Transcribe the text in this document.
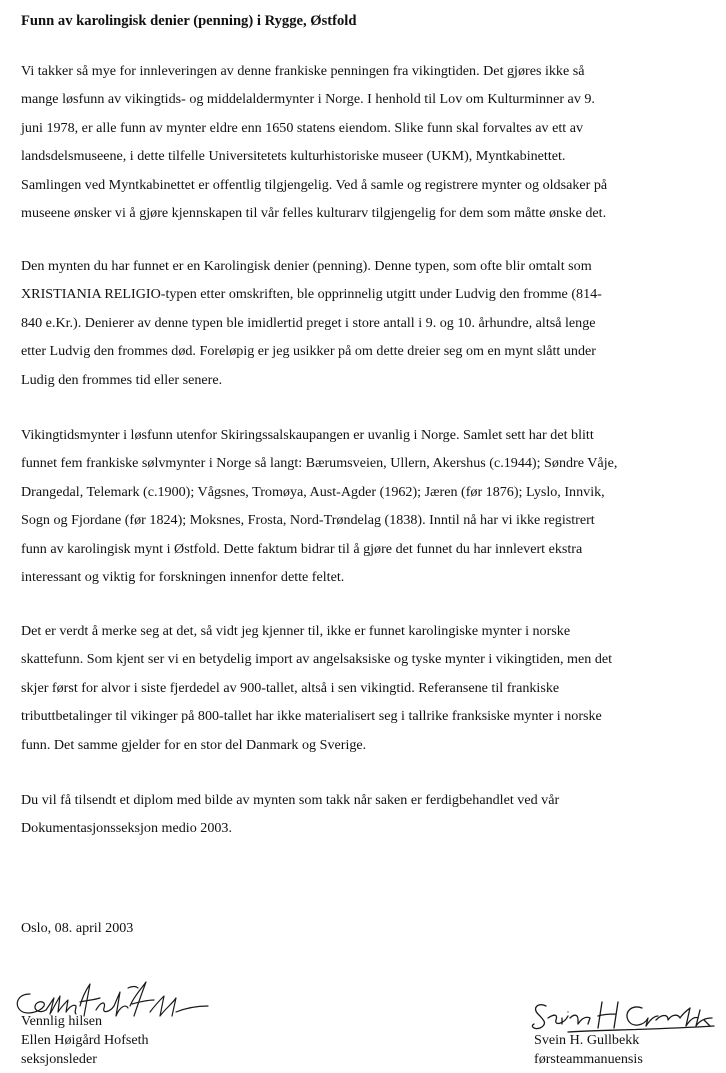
Funn av karolingisk denier (penning) i Rygge, Østfold

Vi takker så mye for innleveringen av denne frankiske penningen fra vikingtiden. Det gjøres ikke så
mange løsfunn av vikingtids- og middelaldermynter i Norge. I henhold til Lov om Kulturminner av 9.
juni 1978, er alle funn av mynter eldre enn 1650 statens eiendom. Slike funn skal forvaltes av ett av
landsdelsmuseene, i dette tilfelle Universitetets kulturhistoriske museer (UKM), Myntkabinettet.
Samlingen ved Myntkabinettet er offentlig tilgjengelig. Ved å samle og registrere mynter og oldsaker på
museene ønsker vi å gjøre kjennskapen til vår felles kulturarv tilgjengelig for dem som måtte ønske det.

Den mynten du har funnet er en Karolingisk denier (penning). Denne typen, som ofte blir omtalt som
XRISTIANIA RELIGIO-typen etter omskriften, ble opprinnelig utgitt under Ludvig den fromme (814-
840 e.Kr.). Denierer av denne typen ble imidlertid preget i store antall i 9. og 10. århundre, altså lenge
etter Ludvig den frommes død. Foreløpig er jeg usikker på om dette dreier seg om en mynt slått under
Ludig den frommes tid eller senere.

Vikingtidsmynter i løsfunn utenfor Skiringssalskaupangen er uvanlig i Norge. Samlet sett har det blitt
funnet fem frankiske sølvmynter i Norge så langt: Bærumsveien, Ullern, Akershus (c.1944); Søndre Våje,
Drangedal, Telemark (c.1900); Vågsnes, Tromøya, Aust-Agder (1962); Jæren (før 1876); Lyslo, Innvik,
Sogn og Fjordane (før 1824); Moksnes, Frosta, Nord-Trøndelag (1838). Inntil nå har vi ikke registrert
funn av karolingisk mynt i Østfold. Dette faktum bidrar til å gjøre det funnet du har innlevert ekstra
interessant og viktig for forskningen innenfor dette feltet.

Det er verdt å merke seg at det, så vidt jeg kjenner til, ikke er funnet karolingiske mynter i norske
skattefunn. Som kjent ser vi en betydelig import av angelsaksiske og tyske mynter i vikingtiden, men det
skjer først for alvor i siste fjerdedel av 900-tallet, altså i sen vikingtid. Referansene til frankiske
tributtbetalinger til vikinger på 800-tallet har ikke materialisert seg i tallrike franksiske mynter i norske
funn. Det samme gjelder for en stor del Danmark og Sverige.

Du vil få tilsendt et diplom med bilde av mynten som takk når saken er ferdigbehandlet ved vår
Dokumentasjonsseksjon medio 2003.

Oslo, 08. april 2003
Vennlig hilsen
Ellen Høigård Hofseth
seksjonsleder
Svein H. Gullbekk
førsteammanuensis
